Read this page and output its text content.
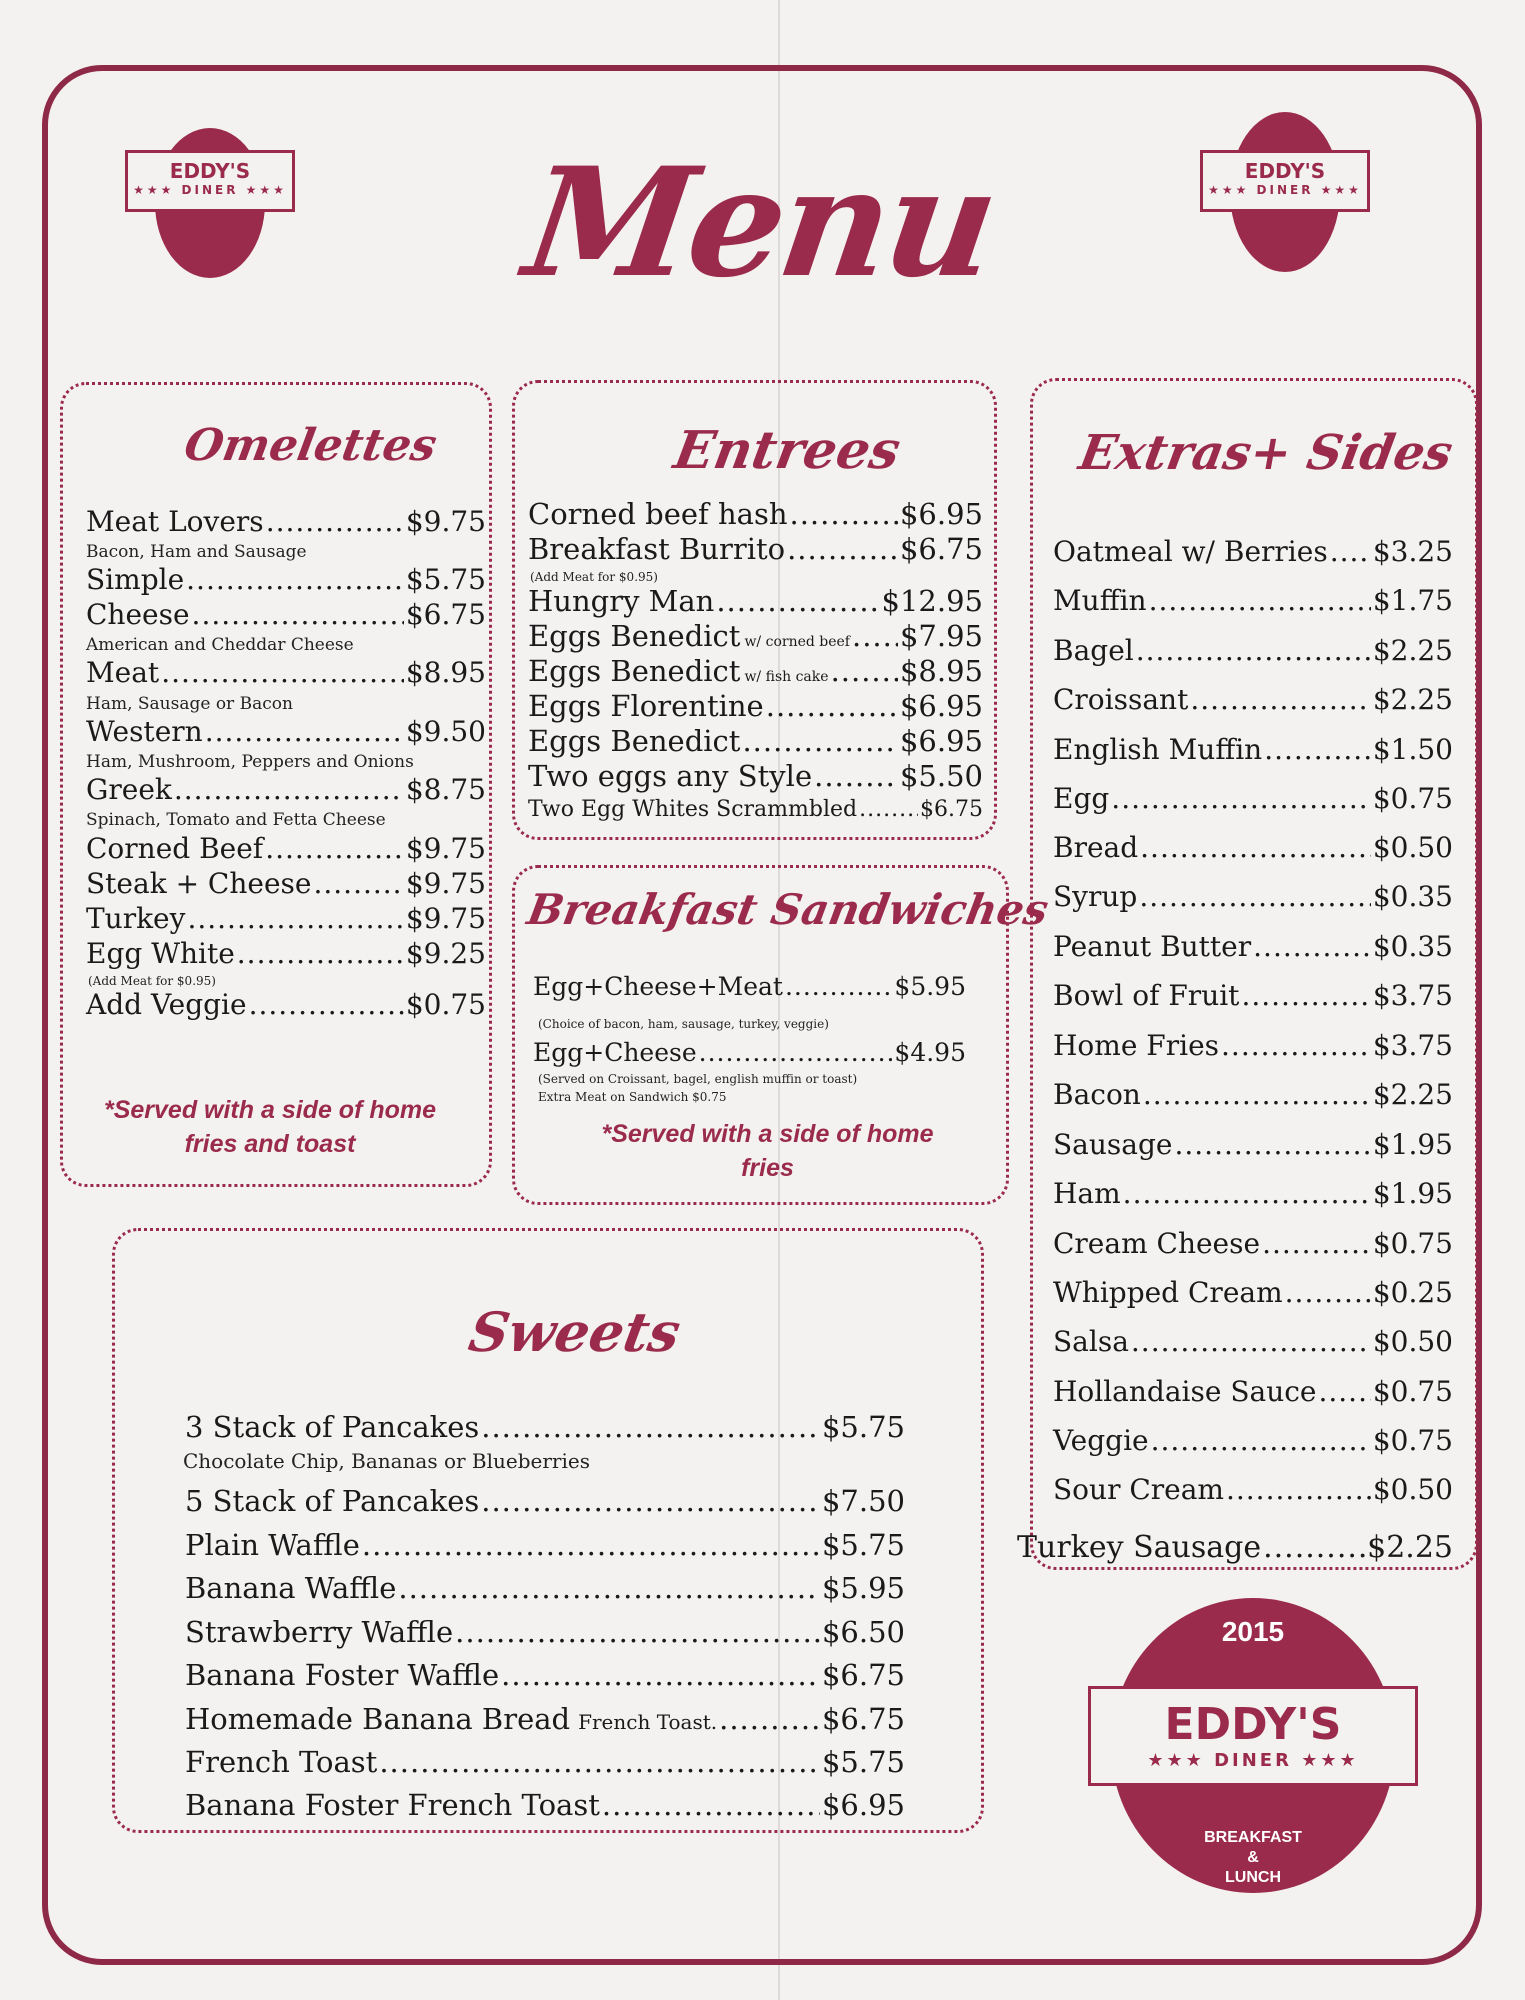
EDDY'S
★★★ DINER ★★★
EDDY'S
★★★ DINER ★★★
2015
EDDY'S
★★★ DINER ★★★
BREAKFAST
&
LUNCH
Menu
Omelettes	Entrees
Breakfast Sandwiches
Extras+ Sides
Sweets
Meat Lovers .....	$9.75
Bacon, Ham and Sausage
Simple .....	$5.75
Cheese .....	$6.75
American and Cheddar Cheese
Meat .....	$8.95
Ham, Sausage or Bacon
Western .....	$9.50
Ham, Mushroom, Peppers and Onions
Greek .....	$8.75
Spinach, Tomato and Fetta Cheese
Corned Beef .....	$9.75
Steak + Cheese .....	$9.75
Turkey .....	$9.75
Egg White .....	$9.25
(Add Meat for $0.95)
Add Veggie .....	$0.75
*Served with a side of home fries and toast
Corned beef hash .....	$6.95
Breakfast Burrito .....	$6.75
(Add Meat for $0.95)
Hungry Man .....	$12.95
Eggs Benedict w/ corned beef ..... $7.95
Eggs Benedict w/ fish cake ..... $8.95
Eggs Florentine .....	$6.95
Eggs Benedict .....	$6.95
Two eggs any Style .....	$5.50
Two Egg Whites Scrammbled .....	$6.75
Egg+Cheese+Meat .....	$5.95
(Choice of bacon, ham, sausage, turkey, veggie)
Egg+Cheese .....	$4.95
(Served on Croissant, bagel, english muffin or toast)
Extra Meat on Sandwich $0.75
*Served with a side of home fries
Oatmeal w/ Berries ..... $3.25
Muffin .....	$1.75
Bagel .....	$2.25
Croissant .....	$2.25
English Muffin .....	$1.50
Egg .....	$0.75
Bread .....	$0.50
Syrup .....	$0.35
Peanut Butter .....	$0.35
Bowl of Fruit .....	$3.75
Home Fries .....	$3.75
Bacon .....	$2.25
Sausage .....	$1.95
Ham .....	$1.95
Cream Cheese .....	$0.75
Whipped Cream .....	$0.25
Salsa .....	$0.50
Hollandaise Sauce ..... $0.75
Veggie .....	$0.75
Sour Cream .....	$0.50
Turkey Sausage .....	$2.25
3 Stack of Pancakes .....	$5.75
Chocolate Chip, Bananas or Blueberries
5 Stack of Pancakes .....	$7.50
Plain Waffle .....	$5.75
Banana Waffle .....	$5.95
Strawberry Waffle .....	$6.50
Banana Foster Waffle .....	$6.75
Homemade Banana Bread French Toast. .....	$6.75
French Toast .....	$5.75
Banana Foster French Toast .....	$6.95
